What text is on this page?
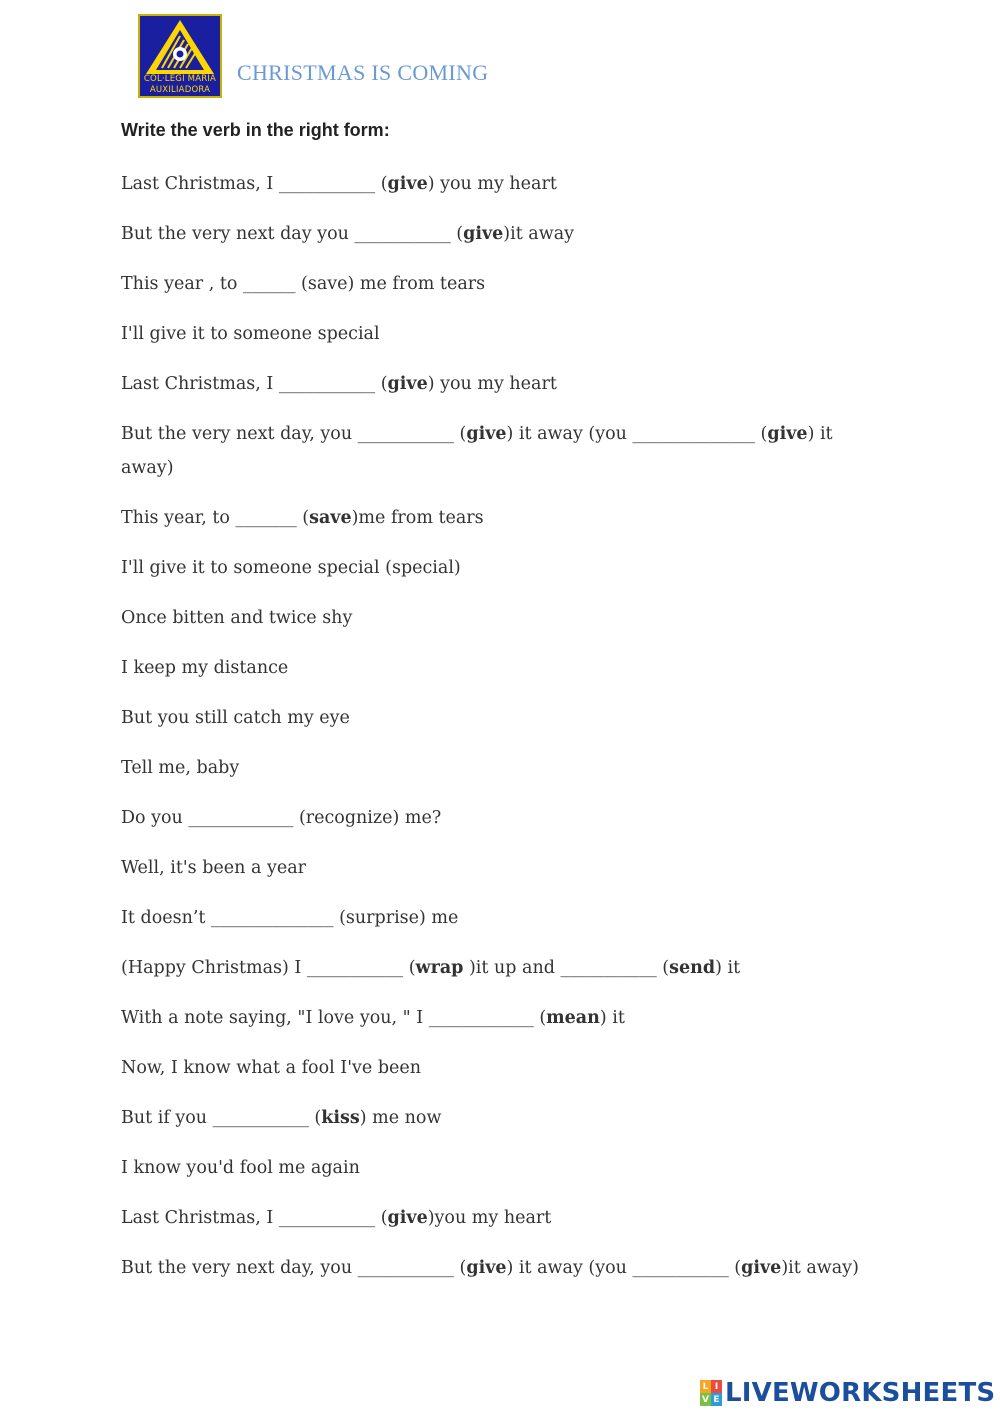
COL·LEGI MARIA
AUXILIADORA
CHRISTMAS IS COMING
Write the verb in the right form:
Last Christmas, I ___________ (give) you my heart
But the very next day you ___________ (give)it away
This year , to ______ (save) me from tears
I'll give it to someone special
Last Christmas, I ___________ (give) you my heart
But the very next day, you ___________ (give) it away (you ______________ (give) it away)
This year, to _______ (save)me from tears
I'll give it to someone special (special)
Once bitten and twice shy
I keep my distance
But you still catch my eye
Tell me, baby
Do you ____________ (recognize) me?
Well, it's been a year
It doesn’t ______________ (surprise) me
(Happy Christmas) I ___________ (wrap )it up and ___________ (send) it
With a note saying, "I love you, " I ____________ (mean) it
Now, I know what a fool I've been
But if you ___________ (kiss) me now
I know you'd fool me again
Last Christmas, I ___________ (give)you my heart
But the very next day, you ___________ (give) it away (you ___________ (give)it away)
L I
V E LIVEWORKSHEETS
